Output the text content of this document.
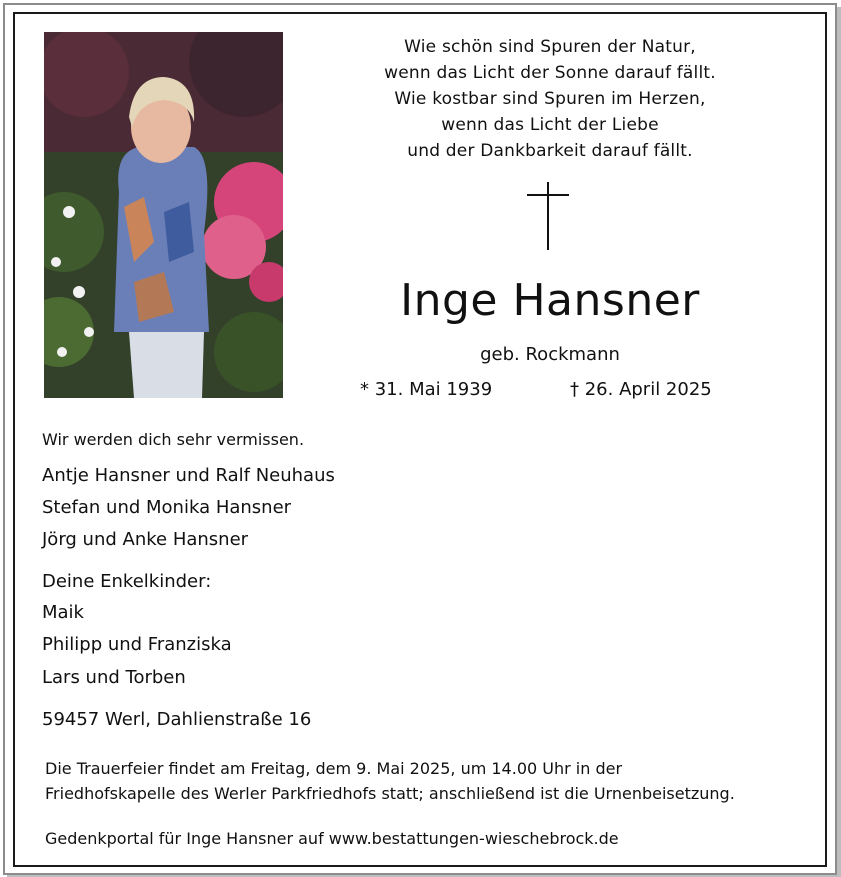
Wie schön sind Spuren der Natur,
wenn das Licht der Sonne darauf fällt.
Wie kostbar sind Spuren im Herzen,
wenn das Licht der Liebe
und der Dankbarkeit darauf fällt.
Inge Hansner
geb. Rockmann
* 31. Mai 1939	† 26. April 2025
Wir werden dich sehr vermissen.
Antje Hansner und Ralf Neuhaus
Stefan und Monika Hansner
Jörg und Anke Hansner
Deine Enkelkinder:
Maik
Philipp und Franziska
Lars und Torben
59457 Werl, Dahlienstraße 16
Die Trauerfeier findet am Freitag, dem 9. Mai 2025, um 14.00 Uhr in der
Friedhofskapelle des Werler Parkfriedhofs statt; anschließend ist die Urnenbeisetzung.
Gedenkportal für Inge Hansner auf www.bestattungen-wieschebrock.de
